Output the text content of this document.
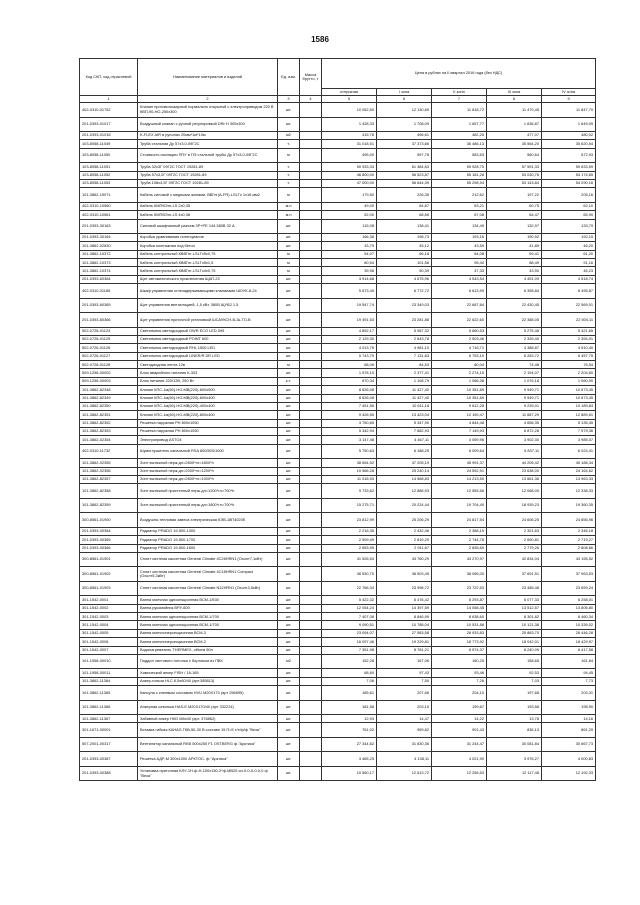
1586
Код СКП, код отраслевой	Наименование материалов и изделий	Ед. изм.	Масса брутто, т	Цена в рублях на II квартал 2016 года (без НДС)				
				отпускная	I зона	II зона	III зона	IV зона
1	2	3	4	5	6	7	8	9
402-0310-01752	Клапан противопожарный нормально открытый с электроприводом 220 В КВП-90-НО-250х300	шт.		10 052,50	12 130,65	11 818,72	11 479,45	11 847,70
201-0393-01017	Воздушный клапан с ручной регулировкой DRr H 300х300	шт.		1 428,33	1 708,09	1 657,77	1 636,87	1 649,09
201-0393-01018	K-FLEX AIR в рулонах 20мм*1м*10м	м2		415,78	496,61	482,25	477,07	480,02
103-8058-11049	Труба стальная Ду 57х3,0-09Г2С	т.		31 018,51	37 373,66	36 486,13	35 564,20	35 620,54
103-8058-11050	Стоимость изоляции ППУ в ПЭ стальной трубы Ду 57х3,0-09Г2С	м		495,00	597,78	583,53	560,64	572,93
103-8058-11051	Труба 32х3Г 09Г2С ГОСТ 19281-89	т.		50 933,33	61 384,63	59 928,75	57 591,33	59 833,59
103-8058-11052	Труба 57х3,0Г 09Г2С ГОСТ 19281-89	т.		46 800,00	56 523,87	55 181,28	53 030,76	54 174,65
103-8058-11053	Труба 108х4,5Г 09Г2С ГОСТ 19281-89	т.		47 000,00	56 644,39	55 298,94	53 143,84	54 290,16
101-3862-19071	Кабель силовой с медными жилами, ВВГнг(А-FR)-LSLTx 1х16 мм2	м		179,50	226,35	212,62	197,22	205,16
402-0310-10560	Кабель КМПВЭнг-LS 2х0,35	м.п		49,00	64,67	63,21	60,75	62,10
402-0310-10561	Кабель КМПВЭнг-LS 4х0,38	м.п		52,00	68,65	67,08	64,47	65,90
201-0393-30163	Силовой шкафчикный разъем 3P+PE 144.380В 32 А	шт.		115,08	138,41	134,49	132,97	133,79
201-0393-30164	Коробка уравнивания потенциалов	шт.		166,38	198,73	193,16	190,92	192,15
101-3862-02830	Коробка монтажная под бетон	шт.		33,79	45,12	43,59	41,89	46,20
101-3862-10372	Кабель контрольный КВВГнг-LSLTx5х0,75	м		54,07	66,18	64,08	59,41	61,20
101-3862-10373	Кабель контрольный КВВГнг-LSLTx5х1,5	м		80,54	101,56	95,40	88,49	91,16
101-3862-10374	Кабель контрольный КВВГнг-LSLTx4х0,75	м		39,96	50,39	47,33	43,90	45,23
201-0393-60364	Щит автоматического приключения ЩАП-23	шт.		3 914,68	4 675,96	4 543,54	4 491,09	4 518,74
402-0310-01185	Шкаф управления огнезадерживающими клапанами ШОУК-8-24	шт.		5 673,45	6 772,72	6 613,99	6 358,84	6 495,87
201-0393-60365	Щит управления вентиляцией, 1,5 кВт, 380В ЩУВ2 1,5	шт.		19 547,74	23 349,03	22 687,84	22 430,45	22 569,01
201-0393-60366	Щит управления приточной установкой ШСАУКСН-В-3к-ТО-В	шт.		19 491,53	23 281,88	22 622,60	22 388,05	22 504,11
502-0726-01124	Светильник светодиодный OWR ECO LED 595	шт.		4 892,17	5 987,32	5 660,53	5 275,48	5 421,65
502-0726-01125	Светильник светодиодный POINT 600	шт.		2 129,30	2 643,78	2 503,46	2 339,40	2 394,01
502-0726-01126	Светильник светодиодный RHL 1500 LED	шт.		4 013,76	4 981,10	4 716,71	4 388,87	4 510,40
502-0726-01127	Светильник светодиодный LINER/R DR LED	шт.		5 743,79	7 131,63	6 753,10	6 283,72	6 457,75
502-0726-01128	Светодиодная лента 12в	м		68,06	84,53	80,04	74,48	76,54
509-1256-00002	Блок аварийного питания К-303	шт.		1 978,10	2 377,41	2 274,15	2 194,07	2 204,60
509-1256-00003	Блок питания 220/12В, 250 Вт	к.т.		870,34	1 108,79	1 066,38	1 076,18	1 060,90
101-3862-82348	Клапан КПС-1м(60)-НО-МВ(220)-600х500	шт.		8 626,08	11 427,40	10 351,69	9 949,71	10 673,45
101-3862-82349	Клапан КПС-1м(60)-НО-МВ(220)-600х400	шт.		8 626,08	11 427,40	10 351,69	9 949,71	10 673,45
101-3862-82350	Клапан КПС-1м(60)-НО-МВ(220)-400х400	шт.		7 451,56	10 611,18	9 612,28	9 239,01	10 189,83
101-3862-82351	Клапан КПС-1м(60)-НО-МВ(220)-800х400	шт.		9 426,55	13 423,04	12 159,47	11 687,29	12 889,61
101-3862-82352	Решетка наружная РН 800х1050	шт.		3 750,65	5 347,90	4 844,48	4 656,35	5 135,45
101-3862-82353	Решетка наружная РН 800х1050	шт.		5 342,94	7 682,93	7 149,93	6 872,28	7 579,36
101-3862-02354	Электропривод ASTO4	шт.		3 147,48	4 467,11	4 059,96	3 902,30	3 985,07
402-0310-11732	Шумоглушитель канальный RSA 800/500/1000	шт.		5 750,63	6 188,25	6 009,64	5 837,11	6 024,41
101-3862-02355	Зонт вытяжной нерж.дл=2600*гл=1800*h	шт.		38 654,52	47 205,19	45 991,37	44 205,42	45 188,34
101-3862-02356	Зонт вытяжной нерж.дл=2000*гл=1200*h	шт.		19 566,28	25 240,14	24 592,91	23 638,00	24 164,62
101-3862-82357	Зонт вытяжной нерж.дл=2600*гл=1000*h	шт.		11 018,93	14 568,83	14 213,50	13 661,36	13 963,33
101-3862-82358	Зонт вытяжной пристенный нерж.дл=1200*гл=700*h	шт.		9 733,62	12 886,93	12 555,56	12 068,00	12 338,33
101-3862-82359	Зонт вытяжной пристенный нерж.дл=1800*гл=700*h	шт.		15 275,71	20 224,44	19 704,40	18 939,23	19 360,35
300-8561-01900	Воздушно-тепловая завеса электрическая КЭВ-18П4020Е	шт.		23 812,99	25 206,29	24 817,54	24 606,25	24 856,96
201-0393-00364	Радиатор PRADO 19-500-1300	шт.		2 216,35	2 432,46	2 368,19	2 321,63	2 346,18
201-0393-00365	Радиатор PRADO 19-500-1700	шт.		2 509,49	2 819,20	2 744,78	2 690,81	2 719,27
201-0393-00366	Радиатор PRADO 19-500-1600	шт.		2 653,95	2 911,67	2 835,60	2 779,26	2 808,66
300-8561-01901	Сплит система кассетная General Climate 4C26HRN1 (Охолт7,1кВт)	шт.		41 526,54	43 760,29	43 270,97	42 834,04	43 155,52
300-8561-01902	Сплит система кассетная General Climate 4C18HRN1 Compact (Охолт5,3кВт)	шт.		36 530,70	38 503,45	38 065,00	37 691,51	37 963,53
300-8561-01903	Сплит система кассетная General Climate N12HRN1 (Охолт3,5кВт)	шт.		22 766,34	23 998,72	23 722,53	23 485,48	23 659,24
301-1542-0001	Ванна моечная односекционная ВСМ-1/530	шт.		5 422,32	6 476,42	6 293,87	6 077,33	6 258,01
301-1542-0002	Ванна рукомойник ВРУ-600	шт.		12 054,24	14 397,59	14 058,45	13 512,57	13 806,80
301-1542-0003	Ванна моечная односекционная ВСМ-1/700	шт.		7 407,06	8 846,99	8 638,60	8 301,82	8 460,34
301-1542-0004	Ванна моечная односекционная ВСМ-1/700	шт.		9 090,51	10 788,04	10 531,88	10 121,38	10 339,02
301-1542-0005	Ванна моечнонерсекционная ВСМ-3	шт.		23 094,07	27 583,58	26 933,83	25 883,70	26 446,28
301-1542-0006	Ванна моечнонерсекционная ВСМ-2	шт.		16 097,46	19 229,81	18 773,92	18 042,01	18 429,97
301-1542-0007	Водонагреватель THERMEX, объем 50л	шт.		7 351,98	8 781,21	8 574,37	8 240,09	8 417,58
101-1958-00010	Поддон чистового потолка с бортиком из ПВХ	м2		152,28	167,06	160,25	158,65	161,84
101-1958-00011	Химический анкер FISH / 18-165	шт.		68,60	97,43	93,46	92,53	94,45
101-3862-11364	Анкер-гильза HLC 6,5х60/40 (арт.385813)	шт.		7,06	7,50	7,26	7,03	7,73
101-3862-11365	Капсула с клеевым составом HVU М20Х170 (арт 256695)	шт.		185,61	207,66	204,10	197,68	203,31
101-3862-11366	Анкерная шпилька HAS-E M20X170/40 (арт 332224)	шт.		181,58	203,15	199,67	193,58	198,90
101-3862-11367	Забивной анкер HKD M8х40 (арт. 376862)	шт.		12,93	14,47	14,22	13,78	14,16
301-1671-00001	Вставка гибкая КАНАЛ-ГКВ-50-30 В составе 15 П=5 т/т/ф/ф "Веза"	шт.		761,02	959,82	901,43	836,13	861,29
507-2001-00317	Вентилятор канальный RKB 500х250 F1 OSTBERG ф."Арктика"	шт.		27 344,62	31 830,36	31 244,47	30 081,84	30 667,73
201-0393-00387	Решетка АДР-М 300х1000 АРКТОС- ф."Арктика"	шт.		3 465,25	4 138,11	4 021,90	3 976,27	4 000,83
201-0393-00388	Установка приточная КЛУ-1Н-ф-Н-100х150-2*ф-МВ20-сн-0-0-0-0-0-0 ф "Веза"	шт.		10 560,17	12 613,72	12 256,53	12 117,48	12 192,33
